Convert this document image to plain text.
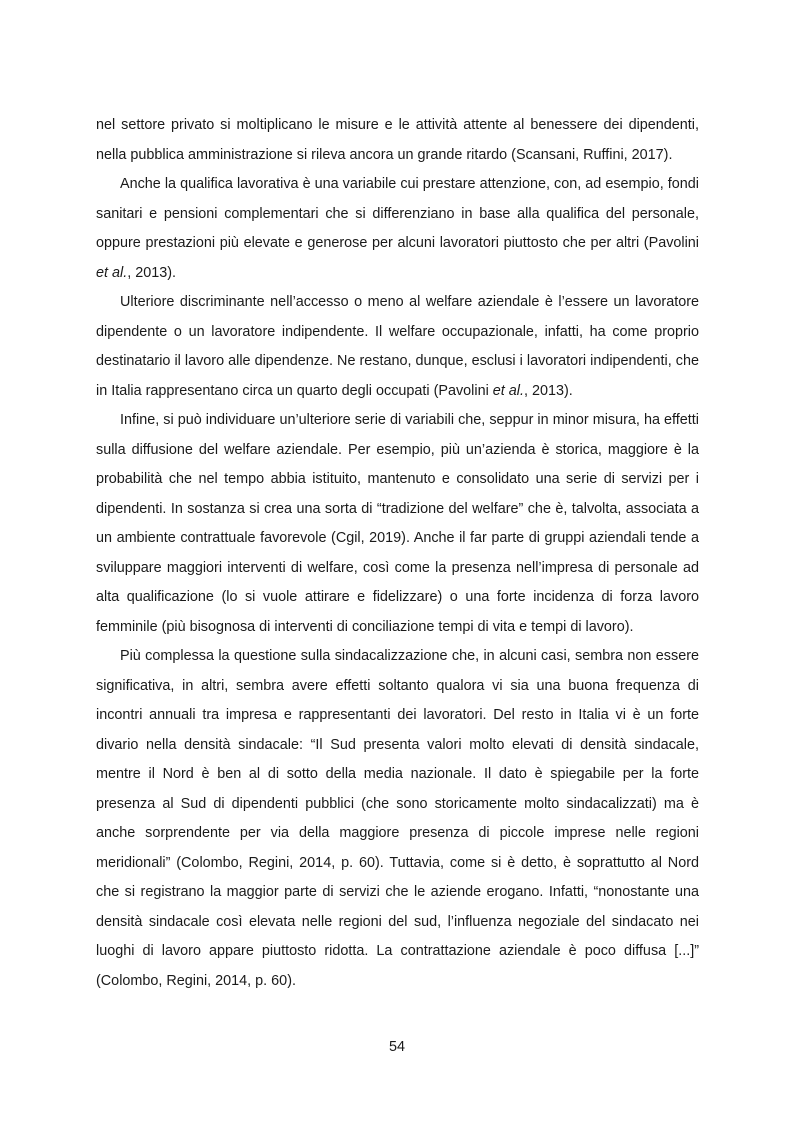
nel settore privato si moltiplicano le misure e le attività attente al benessere dei dipendenti, nella pubblica amministrazione si rileva ancora un grande ritardo (Scansani, Ruffini, 2017).

Anche la qualifica lavorativa è una variabile cui prestare attenzione, con, ad esempio, fondi sanitari e pensioni complementari che si differenziano in base alla qualifica del personale, oppure prestazioni più elevate e generose per alcuni lavoratori piuttosto che per altri (Pavolini et al., 2013).

Ulteriore discriminante nell’accesso o meno al welfare aziendale è l’essere un lavoratore dipendente o un lavoratore indipendente. Il welfare occupazionale, infatti, ha come proprio destinatario il lavoro alle dipendenze. Ne restano, dunque, esclusi i lavoratori indipendenti, che in Italia rappresentano circa un quarto degli occupati (Pavolini et al., 2013).

Infine, si può individuare un’ulteriore serie di variabili che, seppur in minor misura, ha effetti sulla diffusione del welfare aziendale. Per esempio, più un’azienda è storica, maggiore è la probabilità che nel tempo abbia istituito, mantenuto e consolidato una serie di servizi per i dipendenti. In sostanza si crea una sorta di “tradizione del welfare” che è, talvolta, associata a un ambiente contrattuale favorevole (Cgil, 2019). Anche il far parte di gruppi aziendali tende a sviluppare maggiori interventi di welfare, così come la presenza nell’impresa di personale ad alta qualificazione (lo si vuole attirare e fidelizzare) o una forte incidenza di forza lavoro femminile (più bisognosa di interventi di conciliazione tempi di vita e tempi di lavoro).

Più complessa la questione sulla sindacalizzazione che, in alcuni casi, sembra non essere significativa, in altri, sembra avere effetti soltanto qualora vi sia una buona frequenza di incontri annuali tra impresa e rappresentanti dei lavoratori. Del resto in Italia vi è un forte divario nella densità sindacale: “Il Sud presenta valori molto elevati di densità sindacale, mentre il Nord è ben al di sotto della media nazionale. Il dato è spiegabile per la forte presenza al Sud di dipendenti pubblici (che sono storicamente molto sindacalizzati) ma è anche sorprendente per via della maggiore presenza di piccole imprese nelle regioni meridionali” (Colombo, Regini, 2014, p. 60). Tuttavia, come si è detto, è soprattutto al Nord che si registrano la maggior parte di servizi che le aziende erogano. Infatti, “nonostante una densità sindacale così elevata nelle regioni del sud, l’influenza negoziale del sindacato nei luoghi di lavoro appare piuttosto ridotta. La contrattazione aziendale è poco diffusa [...]” (Colombo, Regini, 2014, p. 60).

54
